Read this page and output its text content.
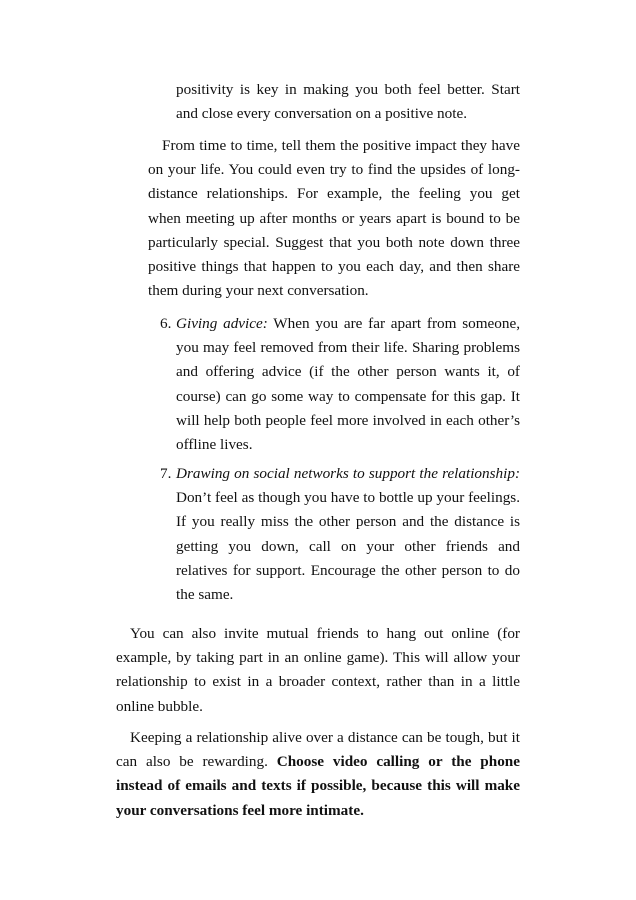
positivity is key in making you both feel better. Start and close every conversation on a positive note.

From time to time, tell them the positive impact they have on your life. You could even try to find the upsides of long-distance relationships. For example, the feeling you get when meeting up after months or years apart is bound to be particularly special. Suggest that you both note down three positive things that happen to you each day, and then share them during your next conversation.

6. Giving advice: When you are far apart from someone, you may feel removed from their life. Sharing problems and offering advice (if the other person wants it, of course) can go some way to compensate for this gap. It will help both people feel more involved in each other’s offline lives.

7. Drawing on social networks to support the relationship: Don’t feel as though you have to bottle up your feelings. If you really miss the other person and the distance is getting you down, call on your other friends and relatives for support. Encourage the other person to do the same.

You can also invite mutual friends to hang out online (for example, by taking part in an online game). This will allow your relationship to exist in a broader context, rather than in a little online bubble.

Keeping a relationship alive over a distance can be tough, but it can also be rewarding. Choose video calling or the phone instead of emails and texts if possible, because this will make your conversations feel more intimate.
